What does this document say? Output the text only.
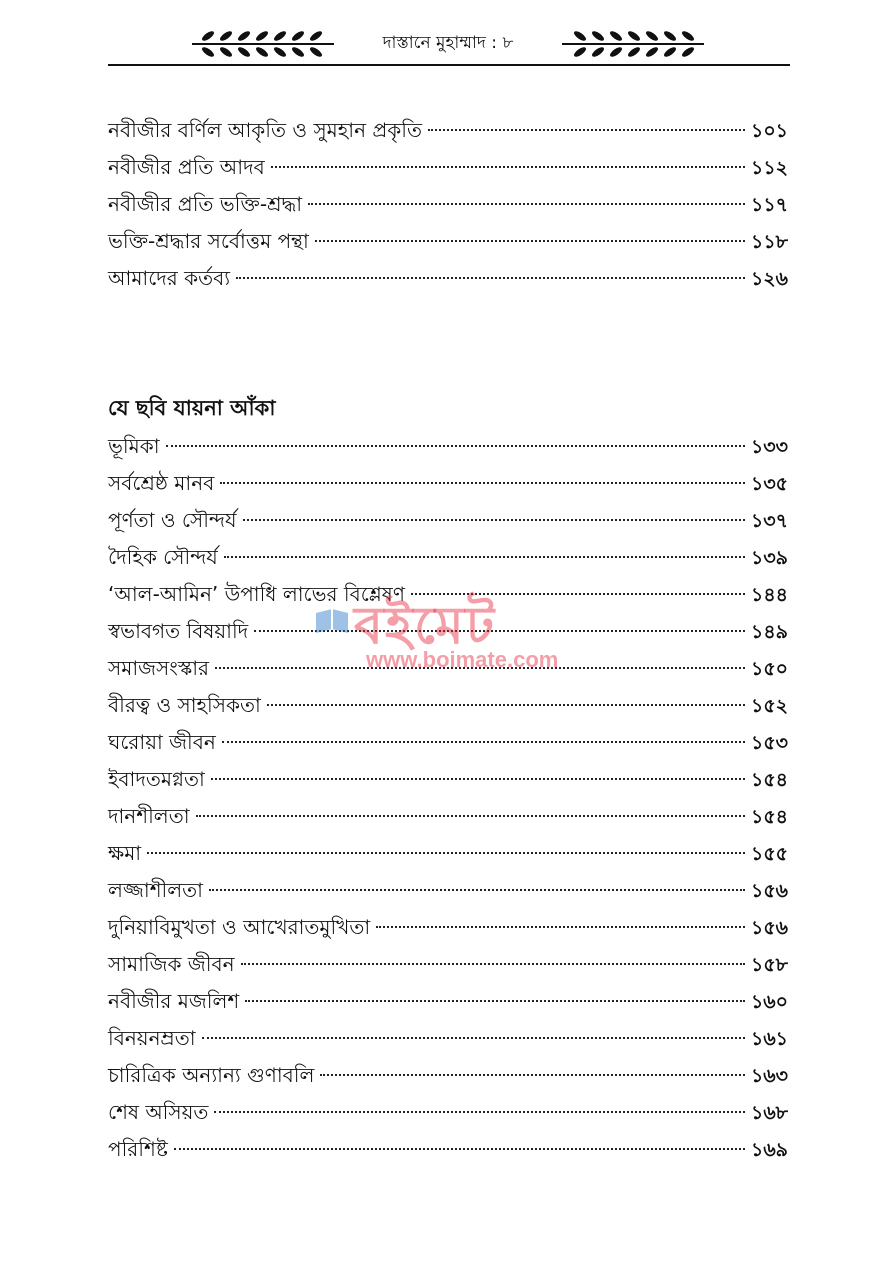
দাস্তানে মুহাম্মাদ : ৮
নবীজীর বর্ণিল আকৃতি ও সুমহান প্রকৃতি	১০১
নবীজীর প্রতি আদব	১১২
নবীজীর প্রতি ভক্তি-শ্রদ্ধা	১১৭
ভক্তি-শ্রদ্ধার সর্বোত্তম পন্থা	১১৮
আমাদের কর্তব্য	১২৬
যে ছবি যায়না আঁকা
ভূমিকা	১৩৩
সর্বশ্রেষ্ঠ মানব	১৩৫
পূর্ণতা ও সৌন্দর্য	১৩৭
দৈহিক সৌন্দর্য	১৩৯
‘আল-আমিন’ উপাধি লাভের বিশ্লেষণ	১৪৪
স্বভাবগত বিষয়াদি	১৪৯
সমাজসংস্কার	১৫০
বীরত্ব ও সাহসিকতা	১৫২
ঘরোয়া জীবন	১৫৩
ইবাদতমগ্নতা	১৫৪
দানশীলতা	১৫৪
ক্ষমা	১৫৫
লজ্জাশীলতা	১৫৬
দুনিয়াবিমুখতা ও আখেরাতমুখিতা	১৫৬
সামাজিক জীবন	১৫৮
নবীজীর মজলিশ	১৬০
বিনয়নম্রতা	১৬১
চারিত্রিক অন্যান্য গুণাবলি	১৬৩
শেষ অসিয়ত	১৬৮
পরিশিষ্ট	১৬৯
বইমেট
www.boimate.com
